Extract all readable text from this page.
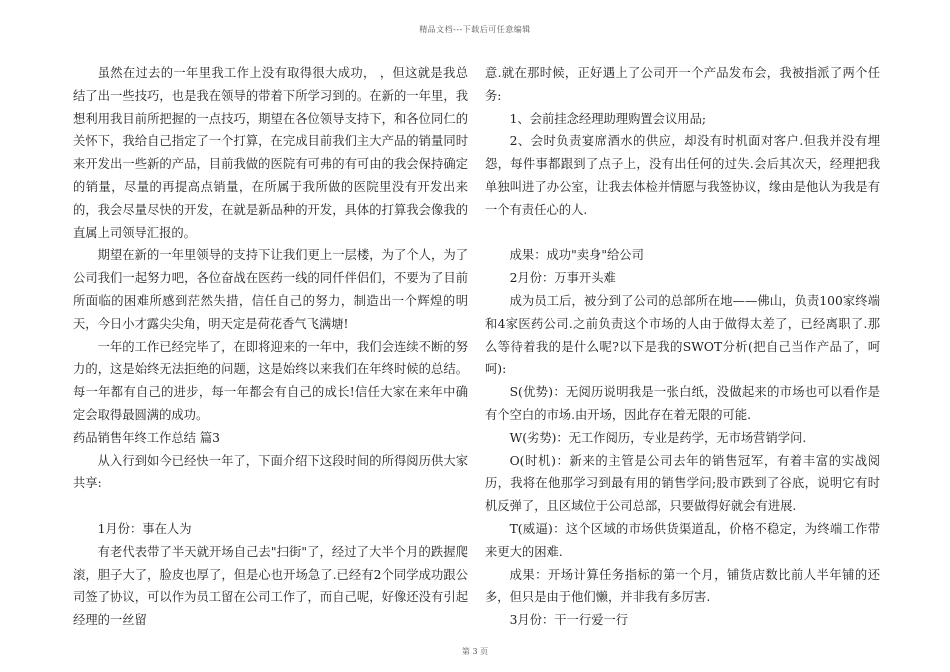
精品文档---下载后可任意编辑

虽然在过去的一年里我工作上没有取得很大成功， ，但这就是我总结了出一些技巧，也是我在领导的带着下所学习到的。在新的一年里，我想利用我目前所把握的一点技巧，期望在各位领导支持下，和各位同仁的关怀下，我给自己指定了一个打算，在完成目前我们主大产品的销量同时来开发出一些新的产品，目前我做的医院有可弗的有可由的我会保持确定的销量，尽量的再提高点销量，在所属于我所做的医院里没有开发出来的，我会尽量尽快的开发，在就是新品种的开发，具体的打算我会像我的直属上司领导汇报的。

期望在新的一年里领导的支持下让我们更上一层楼，为了个人，为了公司我们一起努力吧，各位奋战在医药一线的同仟伴侣们，不要为了目前所面临的困难所感到茫然失措，信任自己的努力，制造出一个辉煌的明天，今日小才露尖尖角，明天定是荷花香气飞满塘!

一年的工作已经完毕了，在即将迎来的一年中，我们会连续不断的努力的，这是始终无法拒绝的问题，这是始终以来我们在年终时候的总结。每一年都有自己的进步，每一年都会有自己的成长!信任大家在来年中确定会取得最圆满的成功。

药品销售年终工作总结 篇3

从入行到如今已经快一年了，下面介绍下这段时间的所得阅历供大家共享:

1月份：事在人为

有老代表带了半天就开场自己去"扫街"了，经过了大半个月的跌握爬滚，胆子大了，脸皮也厚了，但是心也开场急了.已经有2个同学成功跟公司签了协议，可以作为员工留在公司工作了，而自己呢，好像还没有引起经理的一丝留

意.就在那时候，正好遇上了公司开一个产品发布会，我被指派了两个任务:

1、会前挂念经理助理购置会议用品;

2、会时负责宴席酒水的供应，却没有时机面对客户.但我并没有埋怨，每件事都跟到了点子上，没有出任何的过失.会后其次天，经理把我单独叫进了办公室，让我去体检并情愿与我签协议，缘由是他认为我是有一个有责任心的人.

成果：成功"卖身"给公司

2月份：万事开头难

成为员工后，被分到了公司的总部所在地——佛山，负责100家终端和4家医药公司.之前负责这个市场的人由于做得太差了，已经离职了.那么等待着我的是什么呢?以下是我的SWOT分析(把自己当作产品了，呵呵):

S(优势)：无阅历说明我是一张白纸，没做起来的市场也可以看作是有个空白的市场.由开场，因此存在着无限的可能.

W(劣势)：无工作阅历，专业是药学，无市场营销学问.

O(时机)：新来的主管是公司去年的销售冠军，有着丰富的实战阅历，我将在他那学习到最有用的销售学问;股市跌到了谷底，说明它有时机反弹了，且区域位于公司总部，只要做得好就会有进展.

T(威逼)：这个区域的市场供货渠道乱，价格不稳定，为终端工作带来更大的困难.

成果：开场计算任务指标的第一个月，铺货店数比前人半年铺的还多，但只是由于他们懒，并非我有多厉害.

3月份：干一行爱一行

第 3 页
